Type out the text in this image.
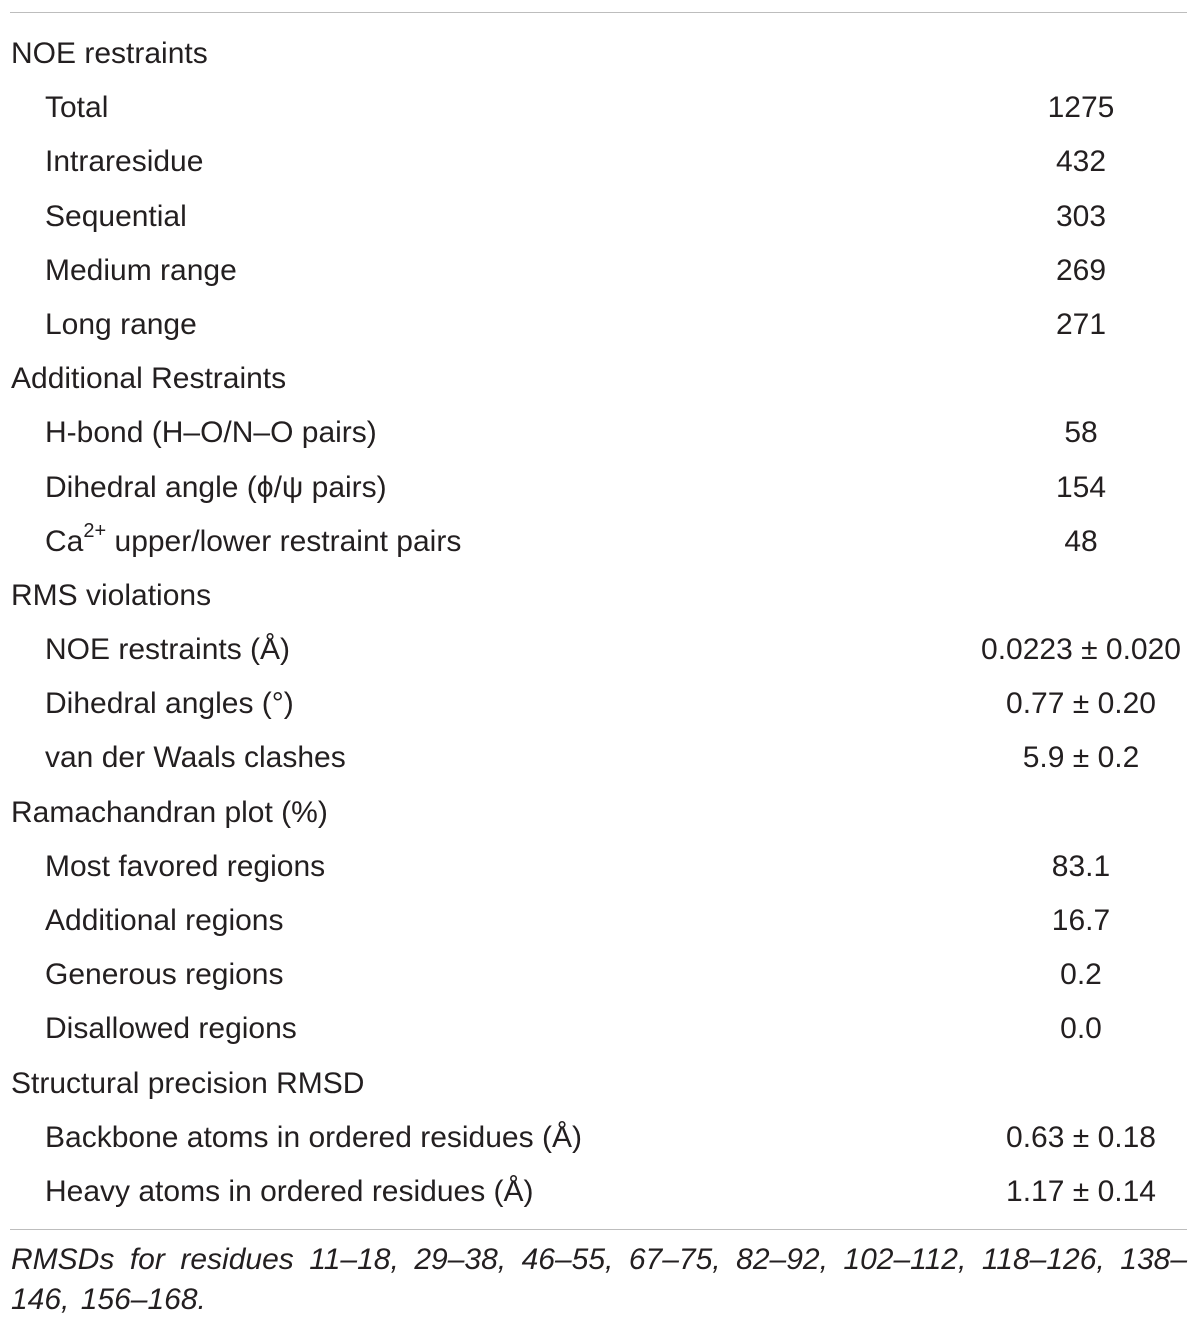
NOE restraints
Total	1275
Intraresidue	432
Sequential	303
Medium range	269
Long range	271
Additional Restraints
H-bond (H–O/N–O pairs)	58
Dihedral angle (ϕ/ψ pairs)	154
$Ca^{2+}$ upper/lower restraint pairs	48
RMS violations
NOE restraints (Å)	0.0223 ± 0.020
Dihedral angles (°)	0.77 ± 0.20
van der Waals clashes	5.9 ± 0.2
Ramachandran plot (%)
Most favored regions	83.1
Additional regions	16.7
Generous regions	0.2
Disallowed regions	0.0
Structural precision RMSD
Backbone atoms in ordered residues (Å)	0.63 ± 0.18
Heavy atoms in ordered residues (Å)	1.17 ± 0.14
RMSDs for residues 11–18, 29–38, 46–55, 67–75, 82–92, 102–112, 118–126, 138–146, 156–168.
